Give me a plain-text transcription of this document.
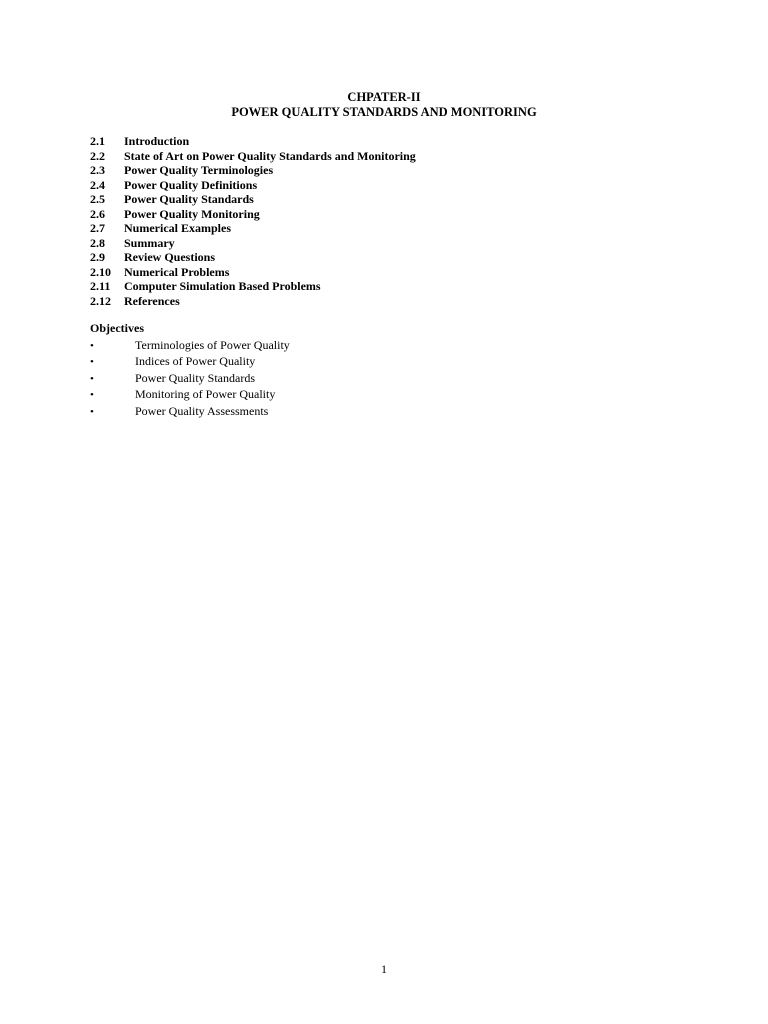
CHPATER-II
POWER QUALITY STANDARDS AND MONITORING
2.1 Introduction
2.2 State of Art on Power Quality Standards and Monitoring
2.3 Power Quality Terminologies
2.4 Power Quality Definitions
2.5 Power Quality Standards
2.6 Power Quality Monitoring
2.7 Numerical Examples
2.8 Summary
2.9 Review Questions
2.10 Numerical Problems
2.11 Computer Simulation Based Problems
2.12 References
Objectives
•	Terminologies of Power Quality
•	Indices of Power Quality
•	Power Quality Standards
•	Monitoring of Power Quality
•	Power Quality Assessments
1
